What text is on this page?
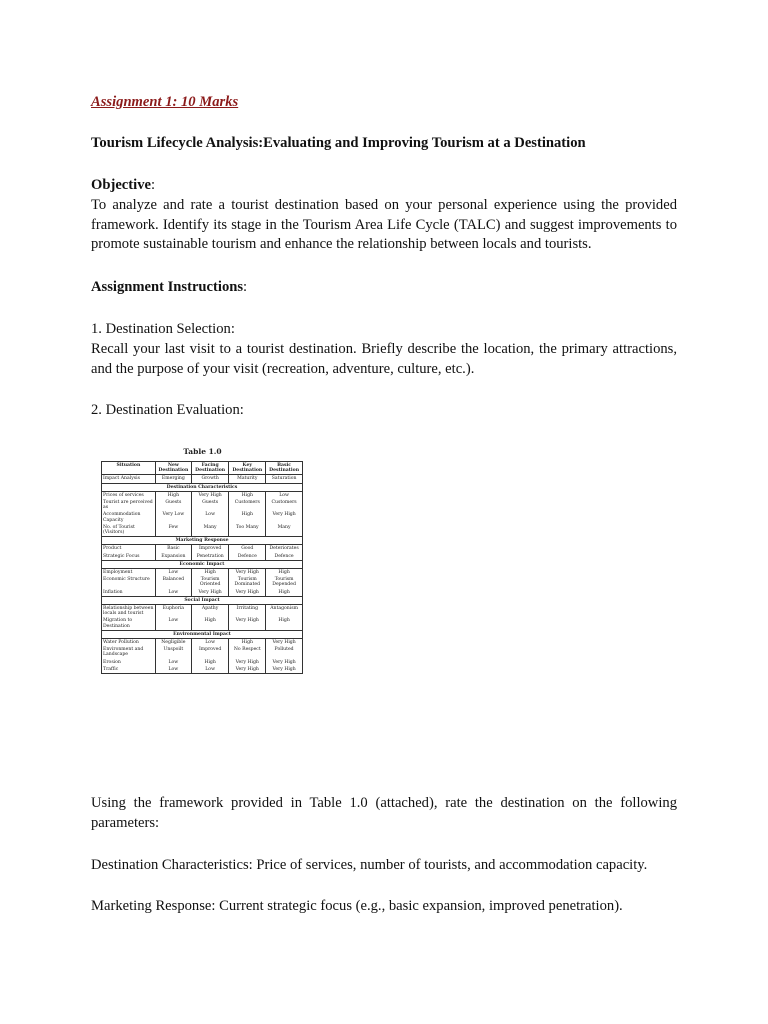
Assignment 1: 10 Marks
Tourism Lifecycle Analysis:Evaluating and Improving Tourism at a Destination
Objective:
To analyze and rate a tourist destination based on your personal experience using the provided framework. Identify its stage in the Tourism Area Life Cycle (TALC) and suggest improvements to promote sustainable tourism and enhance the relationship between locals and tourists.
Assignment Instructions:
1. Destination Selection:
Recall your last visit to a tourist destination. Briefly describe the location, the primary attractions, and the purpose of your visit (recreation, adventure, culture, etc.).
2. Destination Evaluation:
Table 1.0
Situation	New Destination	Facing Destination	Key Destination	Basic Destination
Impact Analysis	Emerging	Growth	Maturity	Saturation
Destination Characteristics				
Prices of services	High	Very High	High	Low
Tourist are perceived as	Guests	Guests	Customers	Customers
Accommodation Capacity	Very Low	Low	High	Very High
No. of Tourist (Visitors)	Few	Many	Too Many	Many
Marketing Response				
Product	Basic	Improved	Good	Deteriorates
Strategic Focus	Expansion	Penetration	Defence	Defence
Economic Impact				
Employment	Low	High	Very High	High
Economic Structure	Balanced	Tourism Oriented	Tourism Dominated	Tourism Depended
Inflation	Low	Very High	Very High	High
Social Impact				
Relationship between locals and tourist	Euphoria	Apathy	Irritating	Antagonism
Migration to Destination	Low	High	Very High	High
Environmental Impact				
Water Pollution	Negligible	Low	High	Very High
Environment and Landscape	Unspoilt	Improved	No Respect	Polluted
Erosion	Low	High	Very High	Very High
Traffic	Low	Low	Very High	Very High
Using the framework provided in Table 1.0 (attached), rate the destination on the following parameters:
Destination Characteristics: Price of services, number of tourists, and accommodation capacity.
Marketing Response: Current strategic focus (e.g., basic expansion, improved penetration).
